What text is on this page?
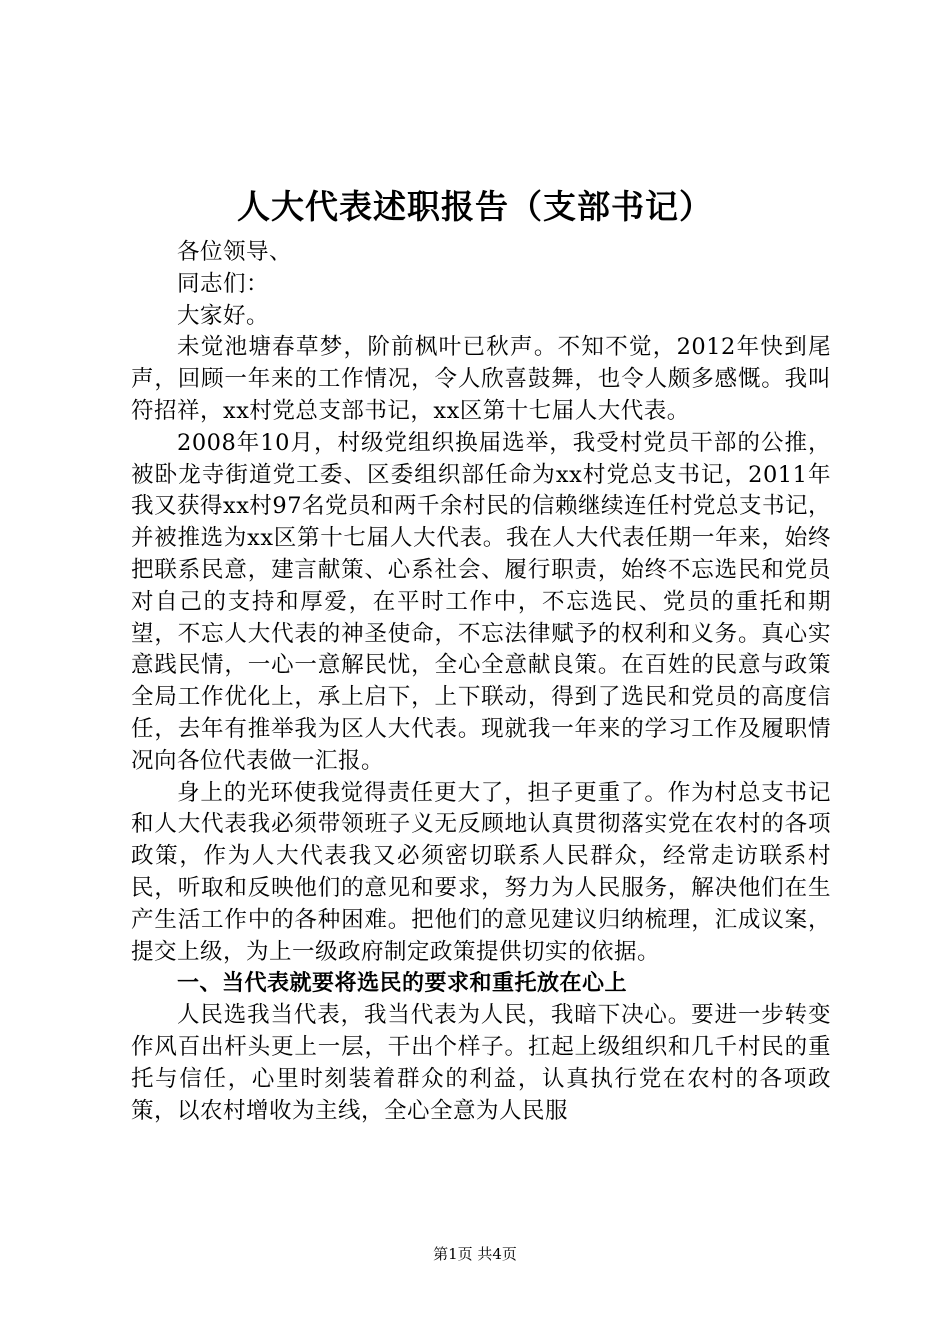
人大代表述职报告（支部书记）

各位领导、

同志们：

大家好。

未觉池塘春草梦，阶前枫叶已秋声。不知不觉，2012年快到尾声，回顾一年来的工作情况，令人欣喜鼓舞，也令人颇多感慨。我叫符招祥，xx村党总支部书记，xx区第十七届人大代表。

2008年10月，村级党组织换届选举，我受村党员干部的公推，被卧龙寺街道党工委、区委组织部任命为xx村党总支书记，2011年我又获得xx村97名党员和两千余村民的信赖继续连任村党总支书记，并被推选为xx区第十七届人大代表。我在人大代表任期一年来，始终把联系民意，建言献策、心系社会、履行职责，始终不忘选民和党员对自己的支持和厚爱，在平时工作中，不忘选民、党员的重托和期望，不忘人大代表的神圣使命，不忘法律赋予的权利和义务。真心实意践民情，一心一意解民忧，全心全意献良策。在百姓的民意与政策全局工作优化上，承上启下，上下联动，得到了选民和党员的高度信任，去年有推举我为区人大代表。现就我一年来的学习工作及履职情况向各位代表做一汇报。

身上的光环使我觉得责任更大了，担子更重了。作为村总支书记和人大代表我必须带领班子义无反顾地认真贯彻落实党在农村的各项政策，作为人大代表我又必须密切联系人民群众，经常走访联系村民，听取和反映他们的意见和要求，努力为人民服务，解决他们在生产生活工作中的各种困难。把他们的意见建议归纳梳理，汇成议案，提交上级，为上一级政府制定政策提供切实的依据。

一、当代表就要将选民的要求和重托放在心上

人民选我当代表，我当代表为人民，我暗下决心。要进一步转变作风百出杆头更上一层，干出个样子。扛起上级组织和几千村民的重托与信任，心里时刻装着群众的利益，认真执行党在农村的各项政策，以农村增收为主线，全心全意为人民服

第1页 共4页
